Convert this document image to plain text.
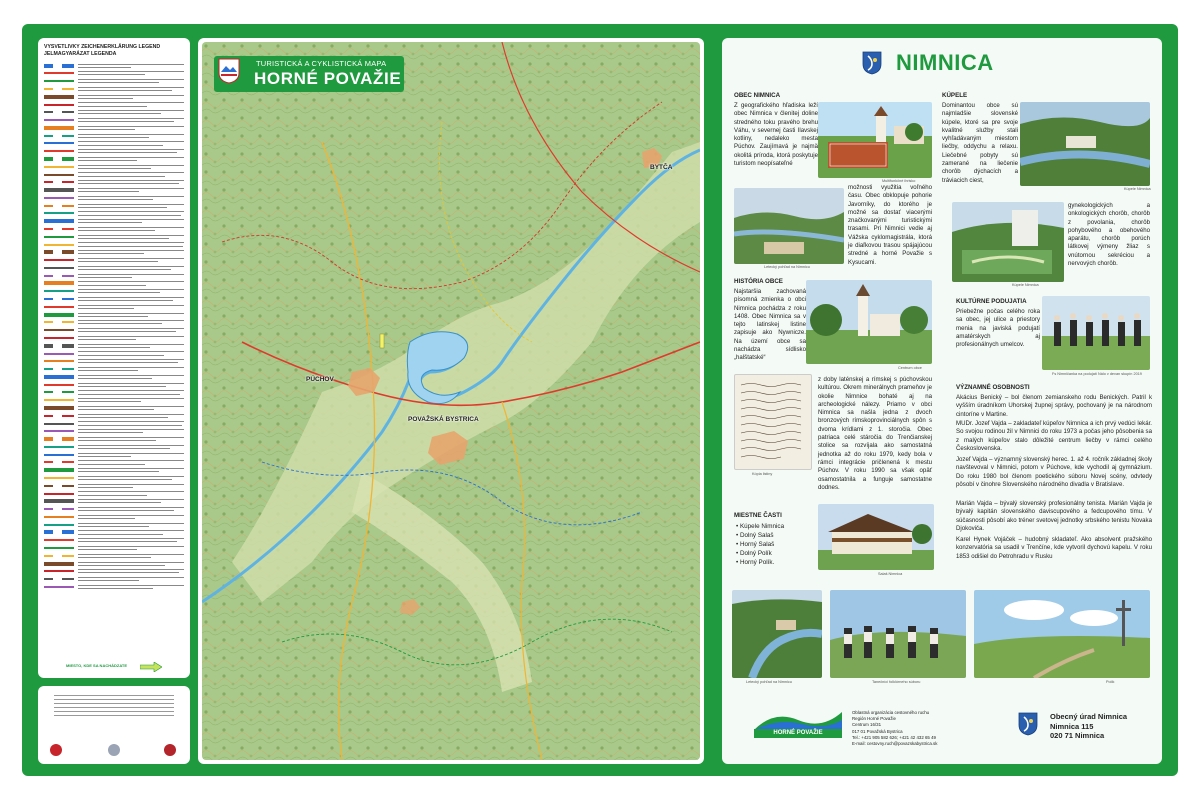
VYSVETLIVKY ZEICHENERKLÄRUNG LEGEND JELMAGYARÁZAT LEGENDA
MIESTO, KDE SA NACHÁDZATE
PÚCHOV
POVAŽSKÁ BYSTRICA
BYTČA
TURISTICKÁ A CYKLISTICKÁ MAPA
HORNÉ POVAŽIE
NIMNICA
OBEC NIMNICA
Z geografického hľadiska leží obec Nimnica v členitej doline stredného toku pravého brehu Váhu, v severnej časti Ilavskej kotliny, nedaleko mesta Púchov. Zaujímavá je najmä okolitá príroda, ktorá poskytuje turistom neopísateľné
Multifunkčné ihrisko
Letecký pohľad na Nimnicu
možnosti využitia voľného času. Obec obklopuje pohorie Javorníky, do ktorého je možné sa dostať viacerými značkovanými turistickými trasami. Pri Nimnici vedie aj Vážska cyklomagistrála, ktorá je diaľkovou trasou spájajúcou stredné a horné Považie s Kysucami.
KÚPELE
Dominantou obce sú najmladšie slovenské kúpele, ktoré sa pre svoje kvalitné služby stali vyhľadávaným miestom liečby, oddychu a relaxu. Liečebné pobyty sú zamerané na liečenie chorôb dýchacích a tráviacich ciest,
Kúpele Nimnica
Kúpele Nimnica
gynekologických a onkologických chorôb, chorôb z povolania, chorôb pohybového a obehového aparátu, chorôb porúch látkovej výmeny žliaz s vnútornou sekréciou a nervových chorôb.
HISTÓRIA OBCE
Najstaršia zachovaná písomná zmienka o obci Nimnica pochádza z roku 1408. Obec Nimnica sa v tejto latinskej listine zapisuje ako Nywnicze. Na území obce sa nachádza sídlisko „halštatské“
Centrum obce
Kópia listiny
z doby laténskej a rímskej s púchovskou kultúrou. Okrem minerálnych prameňov je okolie Nimnice bohaté aj na archeologické nálezy. Priamo v obci Nimnica sa našla jedna z dvoch bronzových rímskoprovinciálnych spôn s dvoma krídlami z 1. storočia. Obec patriaca celé stáročia do Trenčianskej stolice sa rozvíjala ako samostatná jednotka až do roku 1979, kedy bola v rámci integrácie pričlenená k mestu Púchov. V roku 1990 sa však opäť osamostatnila a funguje samostatne dodnes.
KULTÚRNE PODUJATIA
Priebežne počas celého roka sa obec, jej ulice a priestory menia na javiská podujatí amatérskych aj profesionálnych umelcov.
Fs Nimničanka na podujatí Nálo v devan skupín 2019
VÝZNAMNÉ OSOBNOSTI
Akácius Benický – bol členom zemianskeho rodu Benických. Patril k vyšším úradníkom Uhorskej župnej správy, pochovaný je na národnom cintoríne v Martine.
MUDr. Jozef Vajda – zakladateľ kúpeľov Nimnica a ich prvý vedúci lekár. So svojou rodinou žil v Nimnici do roku 1973 a počas jeho pôsobenia sa z malých kúpeľov stalo dôležité centrum liečby v rámci celého Československa.
Jozef Vajda – významný slovenský herec. 1. až 4. ročník základnej školy navštevoval v Nimnici, potom v Púchove, kde vychodil aj gymnázium. Do roku 1980 bol členom poetického súboru Novej scény, odvtedy pôsobí v činohre Slovenského národného divadla v Bratislave.
Marián Vajda – bývalý slovenský profesionálny tenista. Marián Vajda je bývalý kapitán slovenského daviscupového a fedcupového tímu. V súčasnosti pôsobí ako tréner svetovej jednotky srbského tenistu Novaka Djokoviča.
Karel Hynek Vojáček – hudobný skladateľ. Ako absolvent pražského konzervatória sa usadil v Trenčíne, kde vytvoril dychovú kapelu. V roku 1853 odišiel do Petrohradu v Rusku
MIESTNE ČASTI
• Kúpele Nimnica
• Dolný Salaš
• Horný Salaš
• Dolný Polík
• Horný Polík.
Salaš Nimnica
Letecký pohľad na Nimnicu	Tanečníci folklórneho súboru	Polík
HORNÉ POVAŽIE
Oblastná organizácia cestovného ruchu
Región Horné Považie
Centrum 16/31
017 01 Považská Bystrica
Tel.: +421 905 582 626; +421 42 432 65 49
E-mail: cestovny.ruch@povazskabystrica.sk
Obecný úrad Nimnica
Nimnica 115
020 71 Nimnica
